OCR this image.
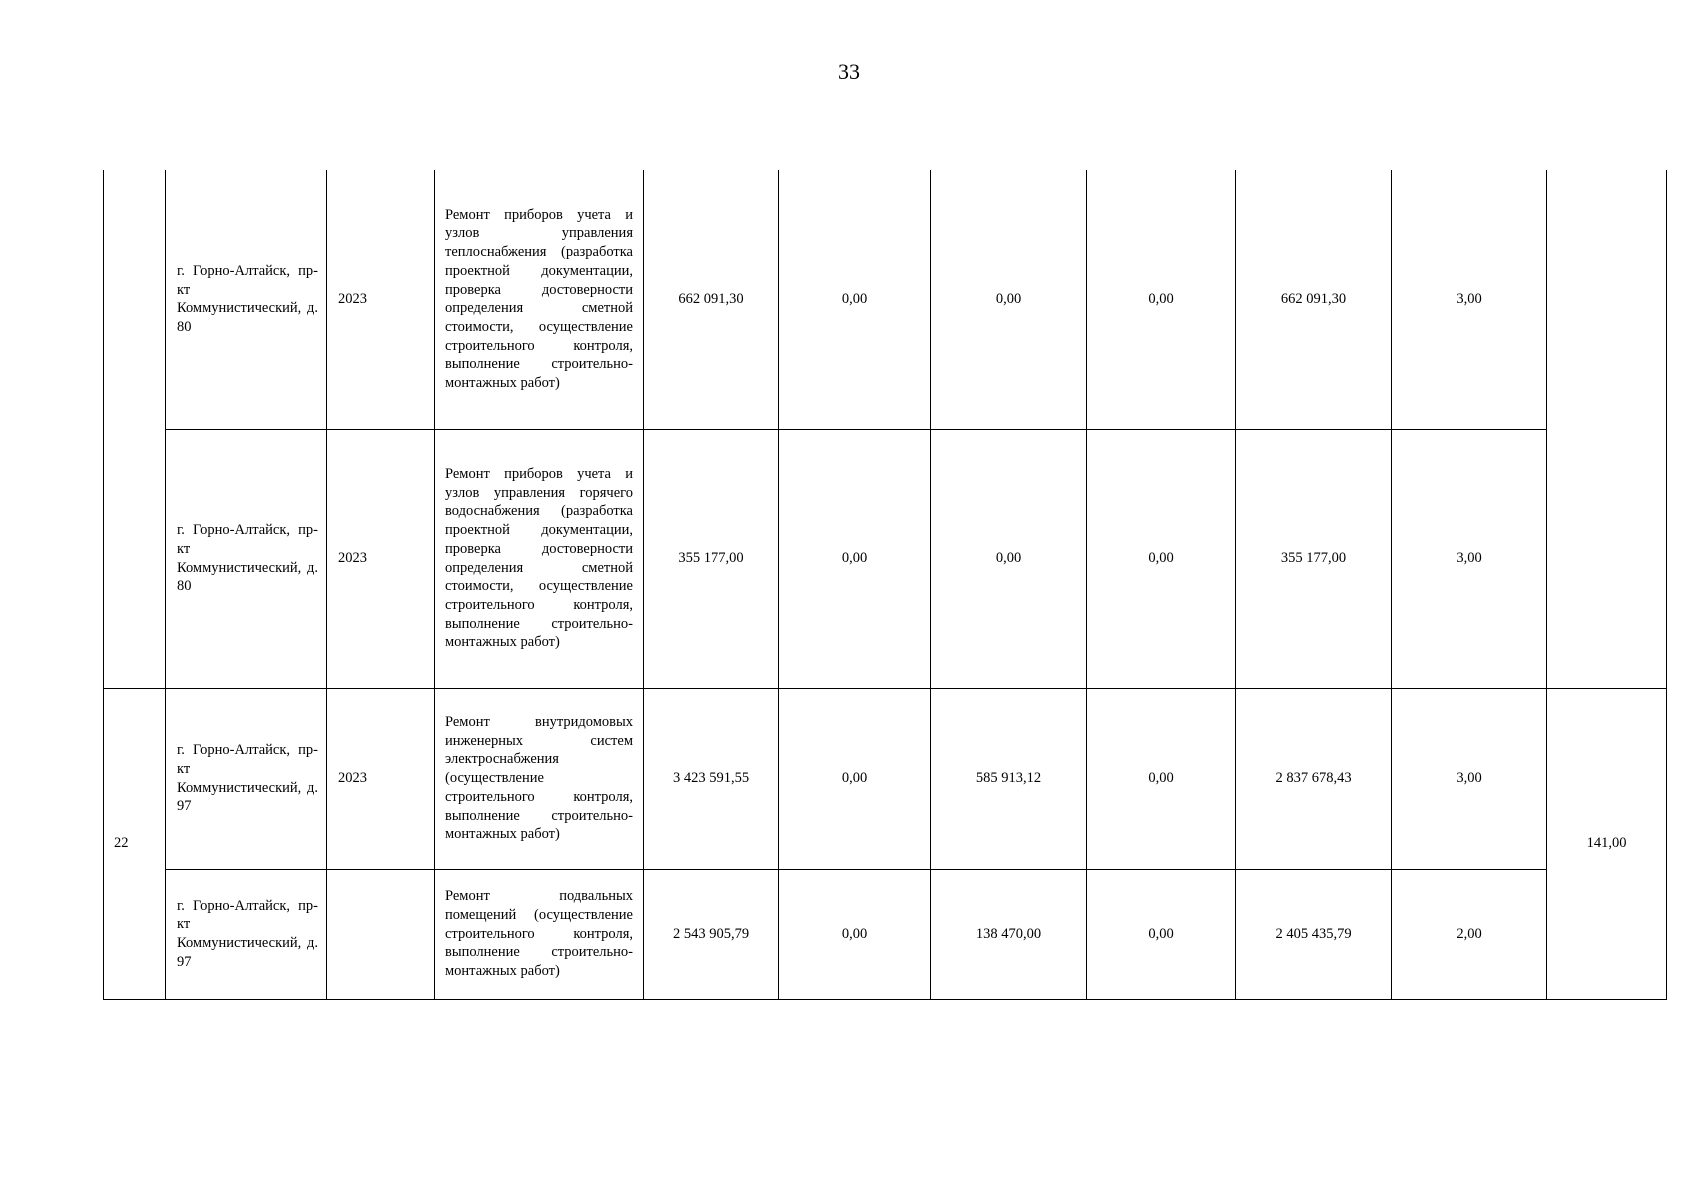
33
	г. Горно-Алтайск, пр-кт Коммунистический, д. 80	2023	Ремонт приборов учета и узлов управления теплоснабжения (разработка проектной документации, проверка достоверности определения сметной стоимости, осуществление строительного контроля, выполнение строительно-монтажных работ)	662 091,30	0,00	0,00	0,00	662 091,30	3,00	
	г. Горно-Алтайск, пр-кт Коммунистический, д. 80	2023	Ремонт приборов учета и узлов управления горячего водоснабжения (разработка проектной документации, проверка достоверности определения сметной стоимости, осуществление строительного контроля, выполнение строительно-монтажных работ)	355 177,00	0,00	0,00	0,00	355 177,00	3,00	
22	г. Горно-Алтайск, пр-кт Коммунистический, д. 97	2023	Ремонт внутридомовых инженерных систем электроснабжения (осуществление строительного контроля, выполнение строительно-монтажных работ)	3 423 591,55	0,00	585 913,12	0,00	2 837 678,43	3,00	141,00
	г. Горно-Алтайск, пр-кт Коммунистический, д. 97		Ремонт подвальных помещений (осуществление строительного контроля, выполнение строительно-монтажных работ)	2 543 905,79	0,00	138 470,00	0,00	2 405 435,79	2,00	
